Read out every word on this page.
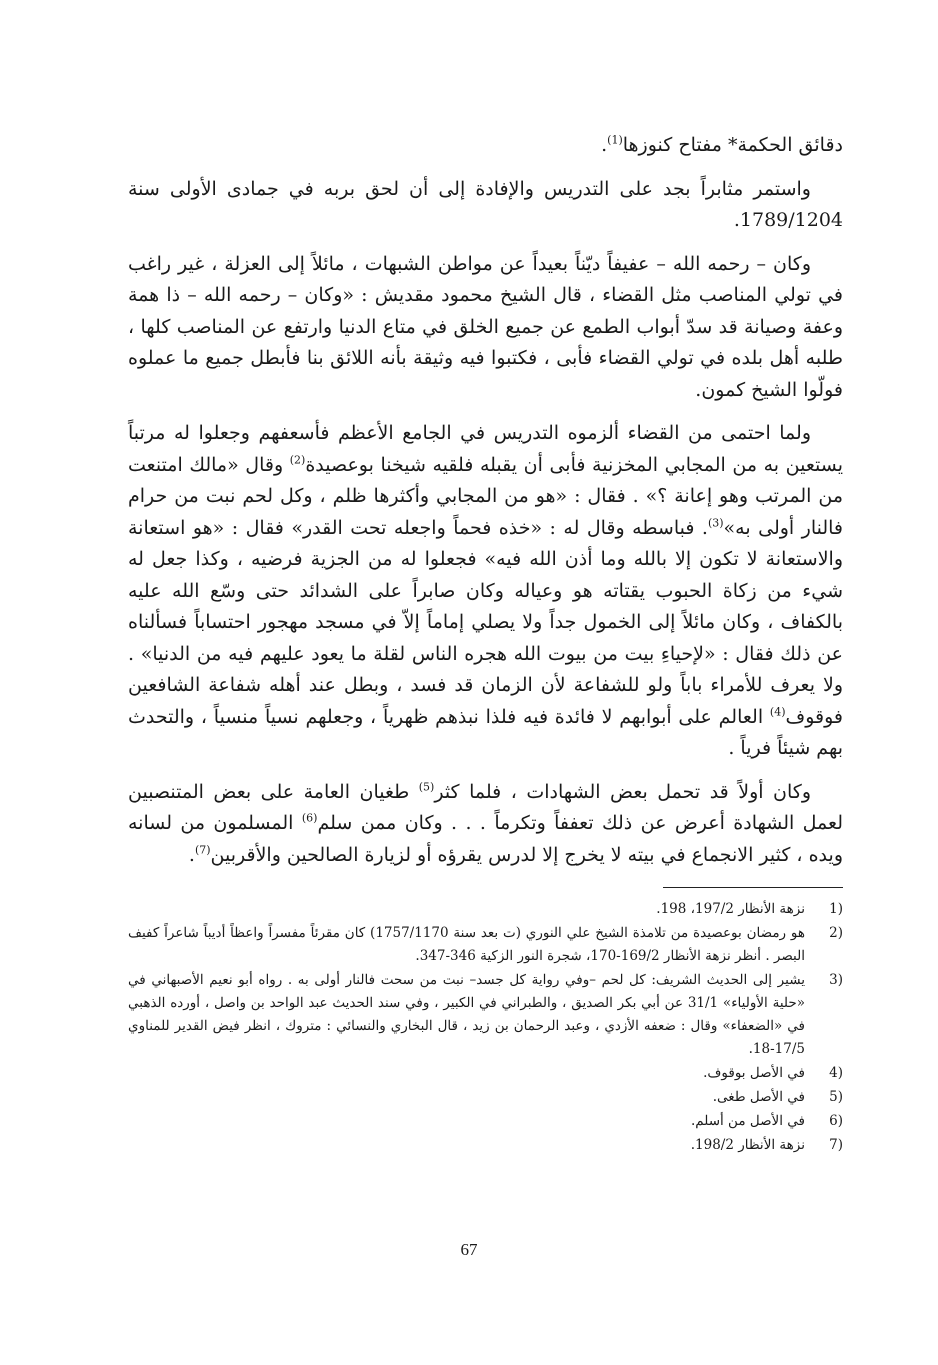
دقائق الحكمة* مفتاح كنوزها$^{(1)}$.

واستمر مثابراً بجد على التدريس والإفادة إلى أن لحق بربه في جمادى الأولى سنة 1789/1204.

وكان – رحمه الله – عفيفاً ديّناً بعيداً عن مواطن الشبهات ، مائلاً إلى العزلة ، غير راغب في تولي المناصب مثل القضاء ، قال الشيخ محمود مقديش : «وكان – رحمه الله – ذا همة وعفة وصيانة قد سدّ أبواب الطمع عن جميع الخلق في متاع الدنيا وارتفع عن المناصب كلها ، طلبه أهل بلده في تولي القضاء فأبى ، فكتبوا فيه وثيقة بأنه اللائق بنا فأبطل جميع ما عملوه فولّوا الشيخ كمون.

ولما احتمى من القضاء ألزموه التدريس في الجامع الأعظم فأسعفهم وجعلوا له مرتباً يستعين به من المجابي المخزنية فأبى أن يقبله فلقيه شيخنا بوعصيدة$^{(2)}$ وقال «مالك امتنعت من المرتب وهو إعانة ؟» . فقال : «هو من المجابي وأكثرها ظلم ، وكل لحم نبت من حرام فالنار أولى به»$^{(3)}$. فباسطه وقال له : «خذه فحماً واجعله تحت القدر» فقال : «هو استعانة والاستعانة لا تكون إلا بالله وما أذن الله فيه» فجعلوا له من الجزية فرضيه ، وكذا جعل له شيء من زكاة الحبوب يقتاته هو وعياله وكان صابراً على الشدائد حتى وسّع الله عليه بالكفاف ، وكان مائلاً إلى الخمول جداً ولا يصلي إماماً إلاّ في مسجد مهجور احتساباً فسألناه عن ذلك فقال : «لإحياءِ بيت من بيوت الله هجره الناس لقلة ما يعود عليهم فيه من الدنيا» . ولا يعرف للأمراء باباً ولو للشفاعة لأن الزمان قد فسد ، وبطل عند أهله شفاعة الشافعين فوقوف$^{(4)}$ العالم على أبوابهم لا فائدة فيه فلذا نبذهم ظهرياً ، وجعلهم نسياً منسياً ، والتحدث بهم شيئاً فرياً .

وكان أولاً قد تحمل بعض الشهادات ، فلما كثر$^{(5)}$ طغيان العامة على بعض المتنصبين لعمل الشهادة أعرض عن ذلك تعففاً وتكرماً . . . وكان ممن سلم$^{(6)}$ المسلمون من لسانه ويده ، كثير الانجماع في بيته لا يخرج إلا لدرس يقرؤه أو لزيارة الصالحين والأقربين$^{(7)}$.

1)
نزهة الأنظار 197/2، 198.
2)
هو رمضان بوعصيدة من تلامذة الشيخ علي النوري (ت بعد سنة 1757/1170) كان مقرئاً مفسراً واعظاً أديباً شاعراً كفيف البصر . أنظر نزهة الأنظار 169/2-170، شجرة النور الزكية 346-347.
3)
يشير إلى الحديث الشريف: كل لحم –وفي رواية كل جسد– نبت من سحت فالنار أولى به . رواه أبو نعيم الأصبهاني في «حلية الأولياء» 31/1 عن أبي بكر الصديق ، والطبراني في الكبير ، وفي سند الحديث عبد الواحد بن واصل ، أورده الذهبي في «الضعفاء» وقال : ضعفه الأزدي ، وعبد الرحمان بن زيد ، قال البخاري والنسائي : متروك ، انظر فيض القدير للمناوي 17/5-18.
4)
في الأصل بوقوف.
5)
في الأصل طغى.
6)
في الأصل من أسلم.
7)
نزهة الأنظار 198/2.
67
